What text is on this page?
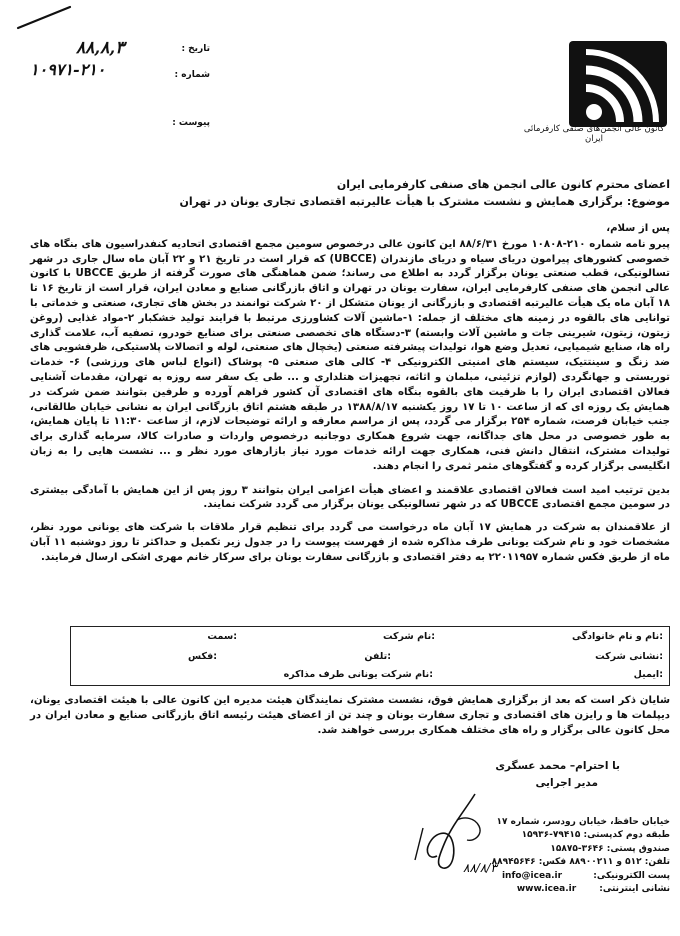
کانون عالی انجمن‌های صنفی کارفرمائی ایران
تاریخ :
شماره :
پیوست :
۸۸,۸,۳
۱۰۹۷۱-۲۱۰
اعضای محترم کانون عالی انجمن های صنفی کارفرمایی ایران
موضوع: برگزاری همایش و نشست مشترک با هیأت عالیرتبه اقتصادی تجاری یونان در تهران

پس از سلام،

پیرو نامه شماره ۲۱۰-۱۰۸۰۸ مورخ ۸۸/۶/۳۱ این کانون عالی درخصوص سومین مجمع اقتصادی اتحادیه کنفدراسیون های بنگاه های خصوصی کشورهای پیرامون دریای سیاه و دریای مازندران (UBCCE) که قرار است در تاریخ ۲۱ و ۲۲ آبان ماه سال جاری در شهر تسالونیکی، قطب صنعتی یونان برگزار گردد به اطلاع می رساند؛ ضمن هماهنگی های صورت گرفته از طریق UBCCE با کانون عالی انجمن های صنفی کارفرمایی ایران، سفارت یونان در تهران و اتاق بازرگانی صنایع و معادن ایران، قرار است از تاریخ ۱۶ تا ۱۸ آبان ماه یک هیأت عالیرتبه اقتصادی و بازرگانی از یونان متشکل از ۲۰ شرکت توانمند در بخش های تجاری، صنعتی و خدماتی با توانایی های بالقوه در زمینه های مختلف از جمله: ۱-ماشین آلات کشاورزی مرتبط با فرایند تولید خشکبار ۲-مواد غذایی (روغن زیتون، زیتون، شیرینی جات و ماشین آلات وابسته) ۳-دستگاه های تخصصی صنعتی برای صنایع خودرو، تصفیه آب، علامت گذاری راه ها، صنایع شیمیایی، تعدیل وضع هوا، تولیدات پیشرفته صنعتی (یخچال های صنعتی، لوله و اتصالات پلاستیکی، ظرفشویی های ضد زنگ و سینتتیک، سیستم های امنیتی الکترونیکی ۴- کالی های صنعتی ۵- پوشاک (انواع لباس های ورزشی) ۶- خدمات توریستی و جهانگردی (لوازم تزئینی، مبلمان و اثاثه، تجهیزات هتلداری و ... طی یک سفر سه روزه به تهران، مقدمات آشنایی فعالان اقتصادی ایران را با ظرفیت های بالقوه بنگاه های اقتصادی آن کشور فراهم آورده و طرفین بتوانند ضمن شرکت در همایش یک روزه ای که از ساعت ۱۰ تا ۱۷ روز یکشنبه ۱۳۸۸/۸/۱۷ در طبقه هشتم اتاق بازرگانی ایران به نشانی خیابان طالقانی، جنب خیابان فرصت، شماره ۲۵۴ برگزار می گردد، پس از مراسم معارفه و ارائه توضیحات لازم، از ساعت ۱۱:۳۰ تا پایان همایش، به طور خصوصی در محل های جداگانه، جهت شروع همکاری دوجانبه درخصوص واردات و صادرات کالا، سرمایه گذاری برای تولیدات مشترک، انتقال دانش فنی، همکاری جهت ارائه خدمات مورد نیاز بازارهای مورد نظر و ... نشست هایی را به زبان انگلیسی برگزار کرده و گفتگوهای مثمر ثمری را انجام دهند.

بدین ترتیب امید است فعالان اقتصادی علاقمند و اعضای هیأت اعزامی ایران بتوانند ۳ روز پس از این همایش با آمادگی بیشتری در سومین مجمع اقتصادی UBCCE که در شهر تسالونیکی یونان برگزار می گردد شرکت نمایند.

از علاقمندان به شرکت در همایش ۱۷ آبان ماه درخواست می گردد برای تنظیم قرار ملاقات با شرکت های یونانی مورد نظر، مشخصات خود و نام شرکت یونانی طرف مذاکره شده از فهرست پیوست را در جدول زیر تکمیل و حداکثر تا روز دوشنبه ۱۱ آبان ماه از طریق فکس شماره ۲۲۰۱۱۹۵۷ به دفتر اقتصادی و بازرگانی سفارت یونان برای سرکار خانم مهری اشکی ارسال فرمایند.

نام و نام خانوادگی:
نام شرکت:
سمت:
نشانی شرکت:
تلفن:
فکس:
ایمیل:
نام شرکت یونانی طرف مذاکره:
شایان ذکر است که بعد از برگزاری همایش فوق، نشست مشترک نمایندگان هیئت مدیره این کانون عالی با هیئت اقتصادی یونان، دیپلمات ها و رایزن های اقتصادی و تجاری سفارت یونان و چند تن از اعضای هیئت رئیسه اتاق بازرگانی صنایع و معادن ایران در محل کانون عالی برگزار و راه های مختلف همکاری بررسی خواهند شد.
با احترام– محمد عسگری
مدیر اجرایی
۸۸/۸/۳
خیابان حافظ، خیابان رودسر، شماره ۱۷
طبقه دوم کدپستی: ۷۹۴۱۵-۱۵۹۳۶
صندوق پستی: ۳۶۴۶-۱۵۸۷۵
تلفن: ۵۱۲ و ۸۸۹۰۰۲۱۱ فکس: ۸۸۹۴۵۶۴۶
پست الکترونیکی: info@icea.ir
نشانی اینترنتی: www.icea.ir
